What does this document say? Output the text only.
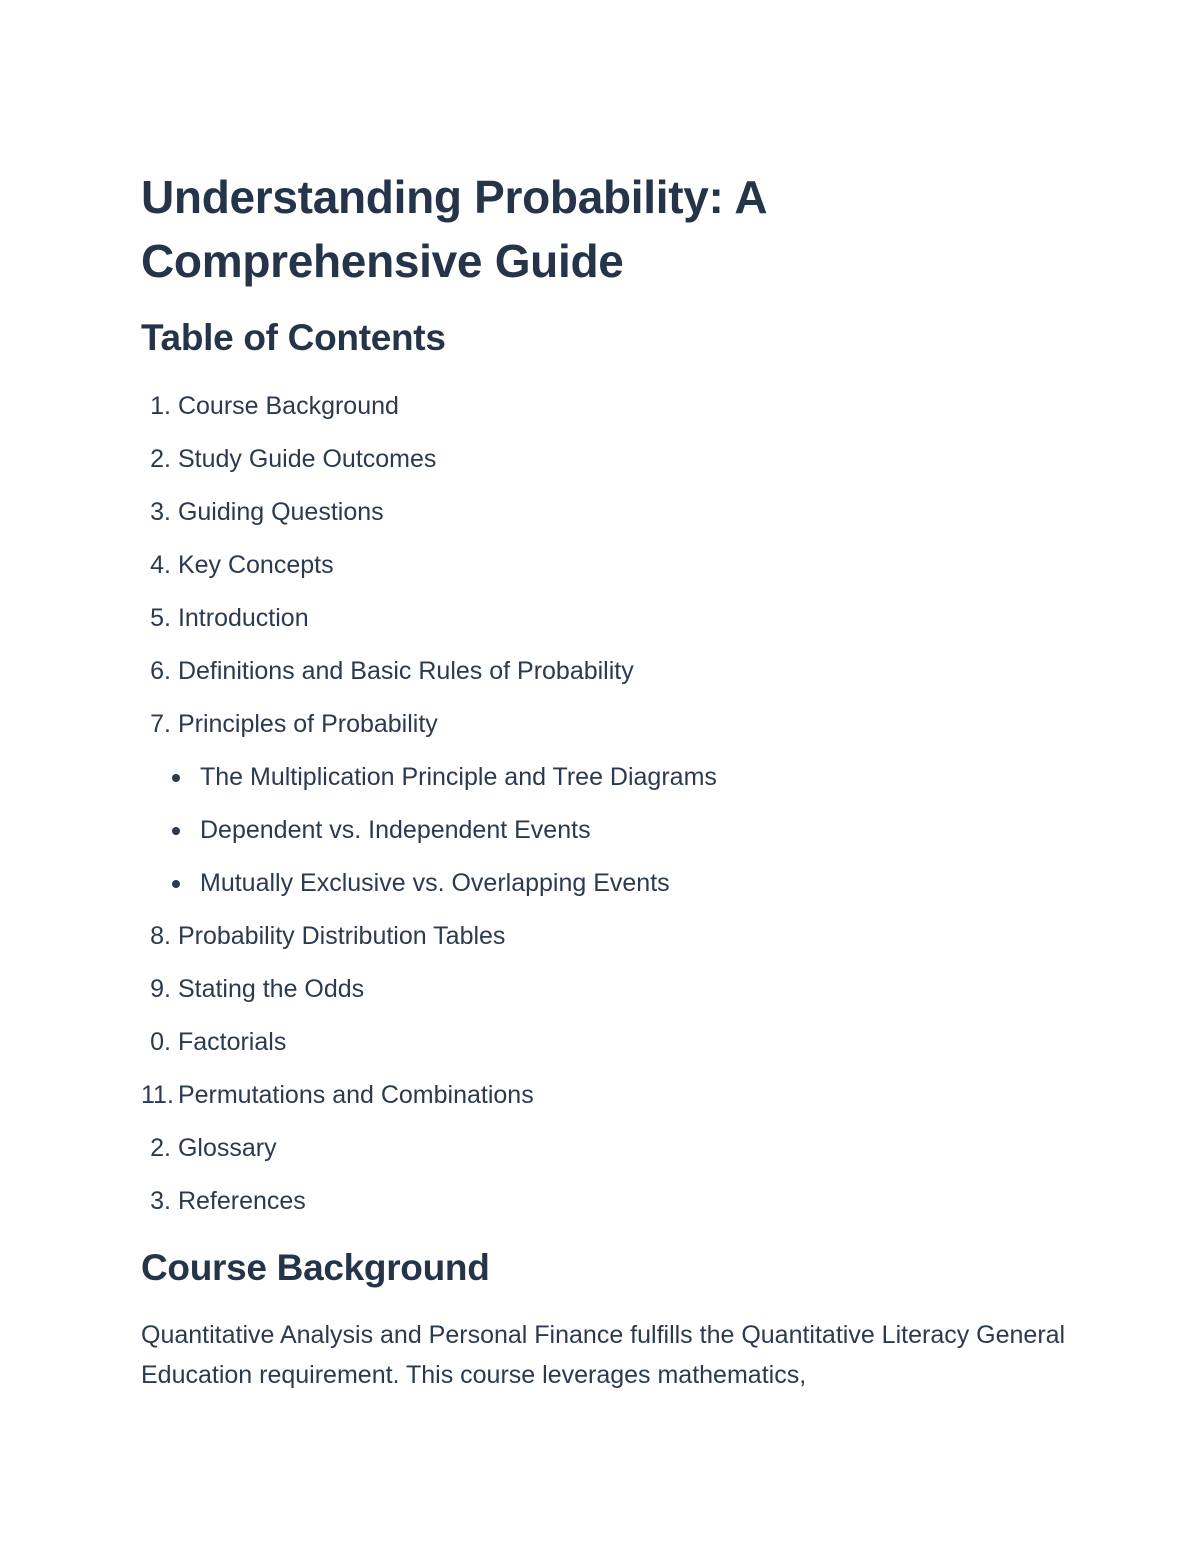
Understanding Probability: A Comprehensive Guide
Table of Contents
1. Course Background
2. Study Guide Outcomes
3. Guiding Questions
4. Key Concepts
5. Introduction
6. Definitions and Basic Rules of Probability
7. Principles of Probability
The Multiplication Principle and Tree Diagrams
Dependent vs. Independent Events
Mutually Exclusive vs. Overlapping Events
8. Probability Distribution Tables
9. Stating the Odds
0. Factorials
11. Permutations and Combinations
2. Glossary
3. References
Course Background

Quantitative Analysis and Personal Finance fulfills the Quantitative Literacy General Education requirement. This course leverages mathematics,
